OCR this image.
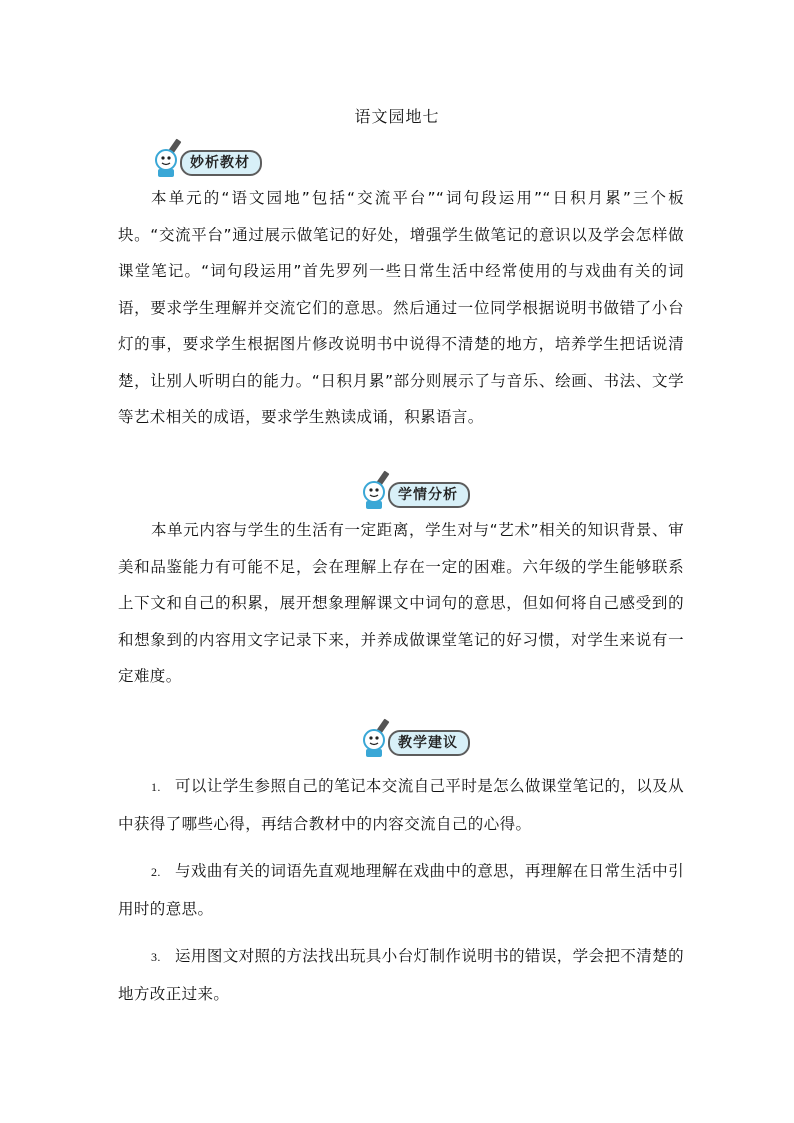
语文园地七
妙析教材
本单元的“语文园地”包括“交流平台”“词句段运用”“日积月累”三个板块。“交流平台”通过展示做笔记的好处，增强学生做笔记的意识以及学会怎样做课堂笔记。“词句段运用”首先罗列一些日常生活中经常使用的与戏曲有关的词语，要求学生理解并交流它们的意思。然后通过一位同学根据说明书做错了小台灯的事，要求学生根据图片修改说明书中说得不清楚的地方，培养学生把话说清楚，让别人听明白的能力。“日积月累”部分则展示了与音乐、绘画、书法、文学等艺术相关的成语，要求学生熟读成诵，积累语言。
学情分析
本单元内容与学生的生活有一定距离，学生对与“艺术”相关的知识背景、审美和品鉴能力有可能不足，会在理解上存在一定的困难。六年级的学生能够联系上下文和自己的积累，展开想象理解课文中词句的意思，但如何将自己感受到的和想象到的内容用文字记录下来，并养成做课堂笔记的好习惯，对学生来说有一定难度。
教学建议
1. 可以让学生参照自己的笔记本交流自己平时是怎么做课堂笔记的，以及从中获得了哪些心得，再结合教材中的内容交流自己的心得。
2. 与戏曲有关的词语先直观地理解在戏曲中的意思，再理解在日常生活中引用时的意思。
3. 运用图文对照的方法找出玩具小台灯制作说明书的错误，学会把不清楚的地方改正过来。
